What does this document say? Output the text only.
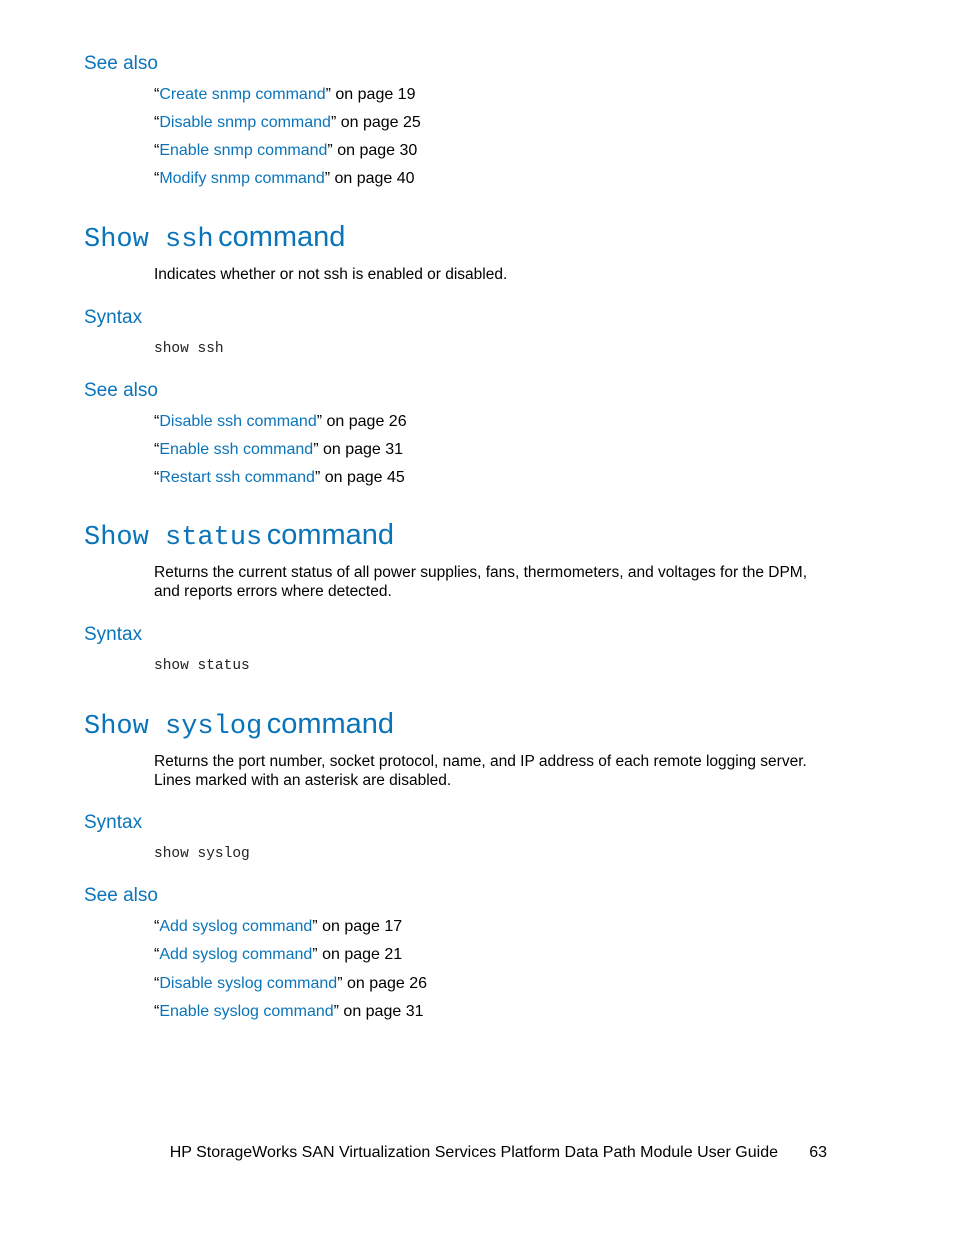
See also
“Create snmp command” on page 19
“Disable snmp command” on page 25
“Enable snmp command” on page 30
“Modify snmp command” on page 40
Show ssh command
Indicates whether or not ssh is enabled or disabled.
Syntax
show ssh
See also
“Disable ssh command” on page 26
“Enable ssh command” on page 31
“Restart ssh command” on page 45
Show status command
Returns the current status of all power supplies, fans, thermometers, and voltages for the DPM, and reports errors where detected.
Syntax
show status
Show syslog command
Returns the port number, socket protocol, name, and IP address of each remote logging server. Lines marked with an asterisk are disabled.
Syntax
show syslog
See also
“Add syslog command” on page 17
“Add syslog command” on page 21
“Disable syslog command” on page 26
“Enable syslog command” on page 31
HP StorageWorks SAN Virtualization Services Platform Data Path Module User Guide 63
